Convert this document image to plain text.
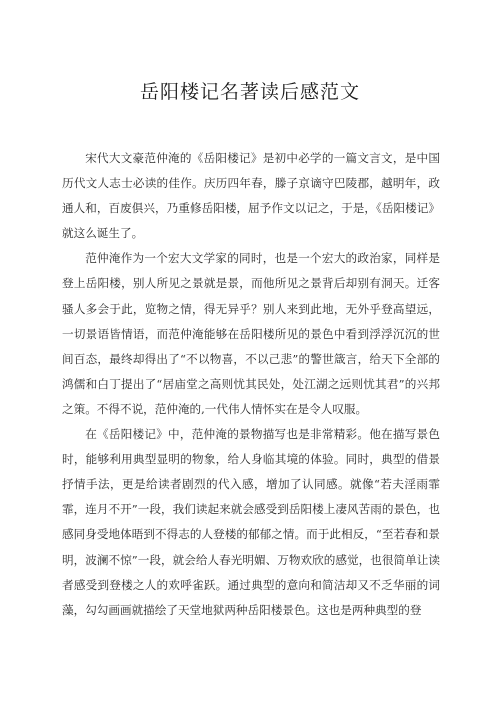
岳阳楼记名著读后感范文

宋代大文豪范仲淹的《岳阳楼记》是初中必学的一篇文言文，是中国历代文人志士必读的佳作。庆历四年春，滕子京谪守巴陵郡，越明年，政通人和，百废俱兴，乃重修岳阳楼，屈予作文以记之，于是，《岳阳楼记》就这么诞生了。

范仲淹作为一个宏大文学家的同时，也是一个宏大的政治家，同样是登上岳阳楼，别人所见之景就是景，而他所见之景背后却别有洞天。迁客骚人多会于此，览物之情，得无异乎？别人来到此地，无外乎登高望远，一切景语皆情语，而范仲淹能够在岳阳楼所见的景色中看到浮浮沉沉的世间百态，最终却得出了“不以物喜，不以己悲”的警世箴言，给天下全部的鸿儒和白丁提出了“居庙堂之高则忧其民处，处江湖之远则忧其君”的兴邦之策。不得不说，范仲淹的,一代伟人情怀实在是令人叹服。

在《岳阳楼记》中，范仲淹的景物描写也是非常精彩。他在描写景色时，能够利用典型显明的物象，给人身临其境的体验。同时，典型的借景抒情手法，更是给读者剧烈的代入感，增加了认同感。就像“若夫淫雨霏霏，连月不开”一段，我们读起来就会感受到岳阳楼上凄风苦雨的景色，也感同身受地体晤到不得志的人登楼的郁郁之情。而于此相反，“至若春和景明，波澜不惊”一段，就会给人春光明媚、万物欢欣的感觉，也很简单让读者感受到登楼之人的欢呼雀跃。通过典型的意向和简洁却又不乏华丽的词藻，勾勾画画就描绘了天堂地狱两种岳阳楼景色。这也是两种典型的登
